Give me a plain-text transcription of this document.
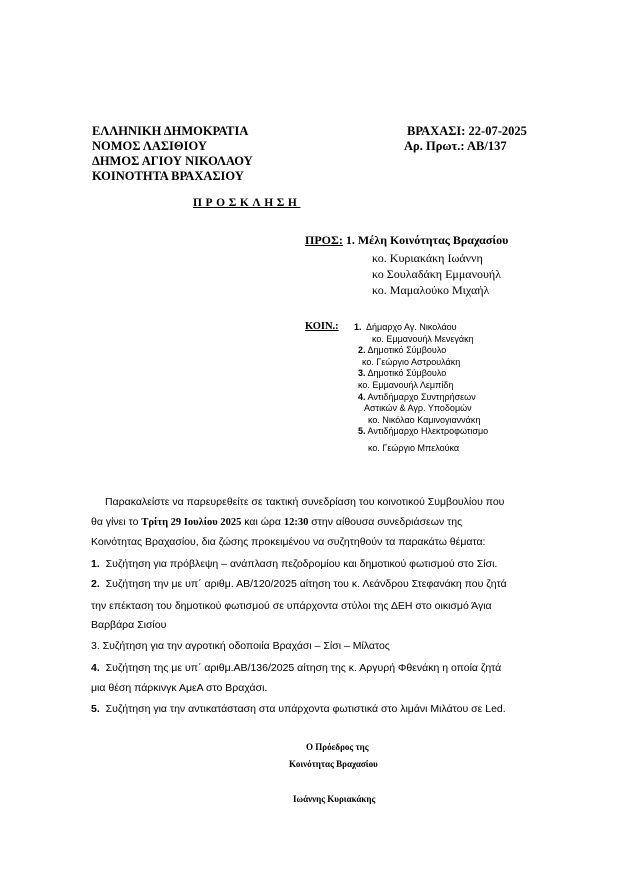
ΕΛΛΗΝΙΚΗ ΔΗΜΟΚΡΑΤΙΑ
ΝΟΜΟΣ ΛΑΣΙΘΙΟΥ
ΔΗΜΟΣ ΑΓΙΟΥ ΝΙΚΟΛΑΟΥ
ΚΟΙΝΟΤΗΤΑ ΒΡΑΧΑΣΙΟΥ
ΒΡΑΧΑΣΙ: 22-07-2025
Αρ. Πρωτ.: ΑΒ/137
ΠΡΟΣΚΛΗΣΗ
ΠΡΟΣ: 1. Μέλη Κοινότητας Βραχασίου
κο. Κυριακάκη Ιωάννη
κο Σουλαδάκη Εμμανουήλ
κο. Μαμαλούκο Μιχαήλ
ΚΟΙΝ.: 1. Δήμαρχο Αγ. Νικολάου
κο. Εμμανουήλ Μενεγάκη
2. Δημοτικό Σύμβουλο
κο. Γεώργιο Αστρουλάκη
3. Δημοτικό Σύμβουλο
κο. Εμμανουήλ Λεμπίδη
4. Αντιδήμαρχο Συντηρήσεων
Αστικών & Αγρ. Υποδομών
κο. Νικόλαο Καμινογιαννάκη
5. Αντιδήμαρχο Ηλεκτροφωτισμο
κο. Γεώργιο Μπελούκα
Παρακαλείστε να παρευρεθείτε σε τακτική συνεδρίαση του κοινοτικού Συμβουλίου που
θα γίνει το Τρίτη 29 Ιουλίου 2025 και ώρα 12:30 στην αίθουσα συνεδριάσεων της
Κοινότητας Βραχασίου, δια ζώσης προκειμένου να συζητηθούν τα παρακάτω θέματα:
1. Συζήτηση για πρόβλεψη – ανάπλαση πεζοδρομίου και δημοτικού φωτισμού στο Σίσι.
2. Συζήτηση την με υπ΄ αριθμ. ΑΒ/120/2025 αίτηση του κ. Λεάνδρου Στεφανάκη που ζητά
την επέκταση του δημοτικού φωτισμού σε υπάρχοντα στύλοι της ΔΕΗ στο οικισμό Άγια
Βαρβάρα Σισίου
3. Συζήτηση για την αγροτική οδοποιία Βραχάσι – Σίσι – Μίλατος
4. Συζήτηση της με υπ΄ αριθμ.ΑΒ/136/2025 αίτηση της κ. Αργυρή Φθενάκη η οποία ζητά
μια θέση πάρκινγκ ΑμεΑ στο Βραχάσι.
5. Συζήτηση για την αντικατάσταση στα υπάρχοντα φωτιστικά στο λιμάνι Μιλάτου σε Led.
Ο Πρόεδρος της
Κοινότητας Βραχασίου
Ιωάννης Κυριακάκης
